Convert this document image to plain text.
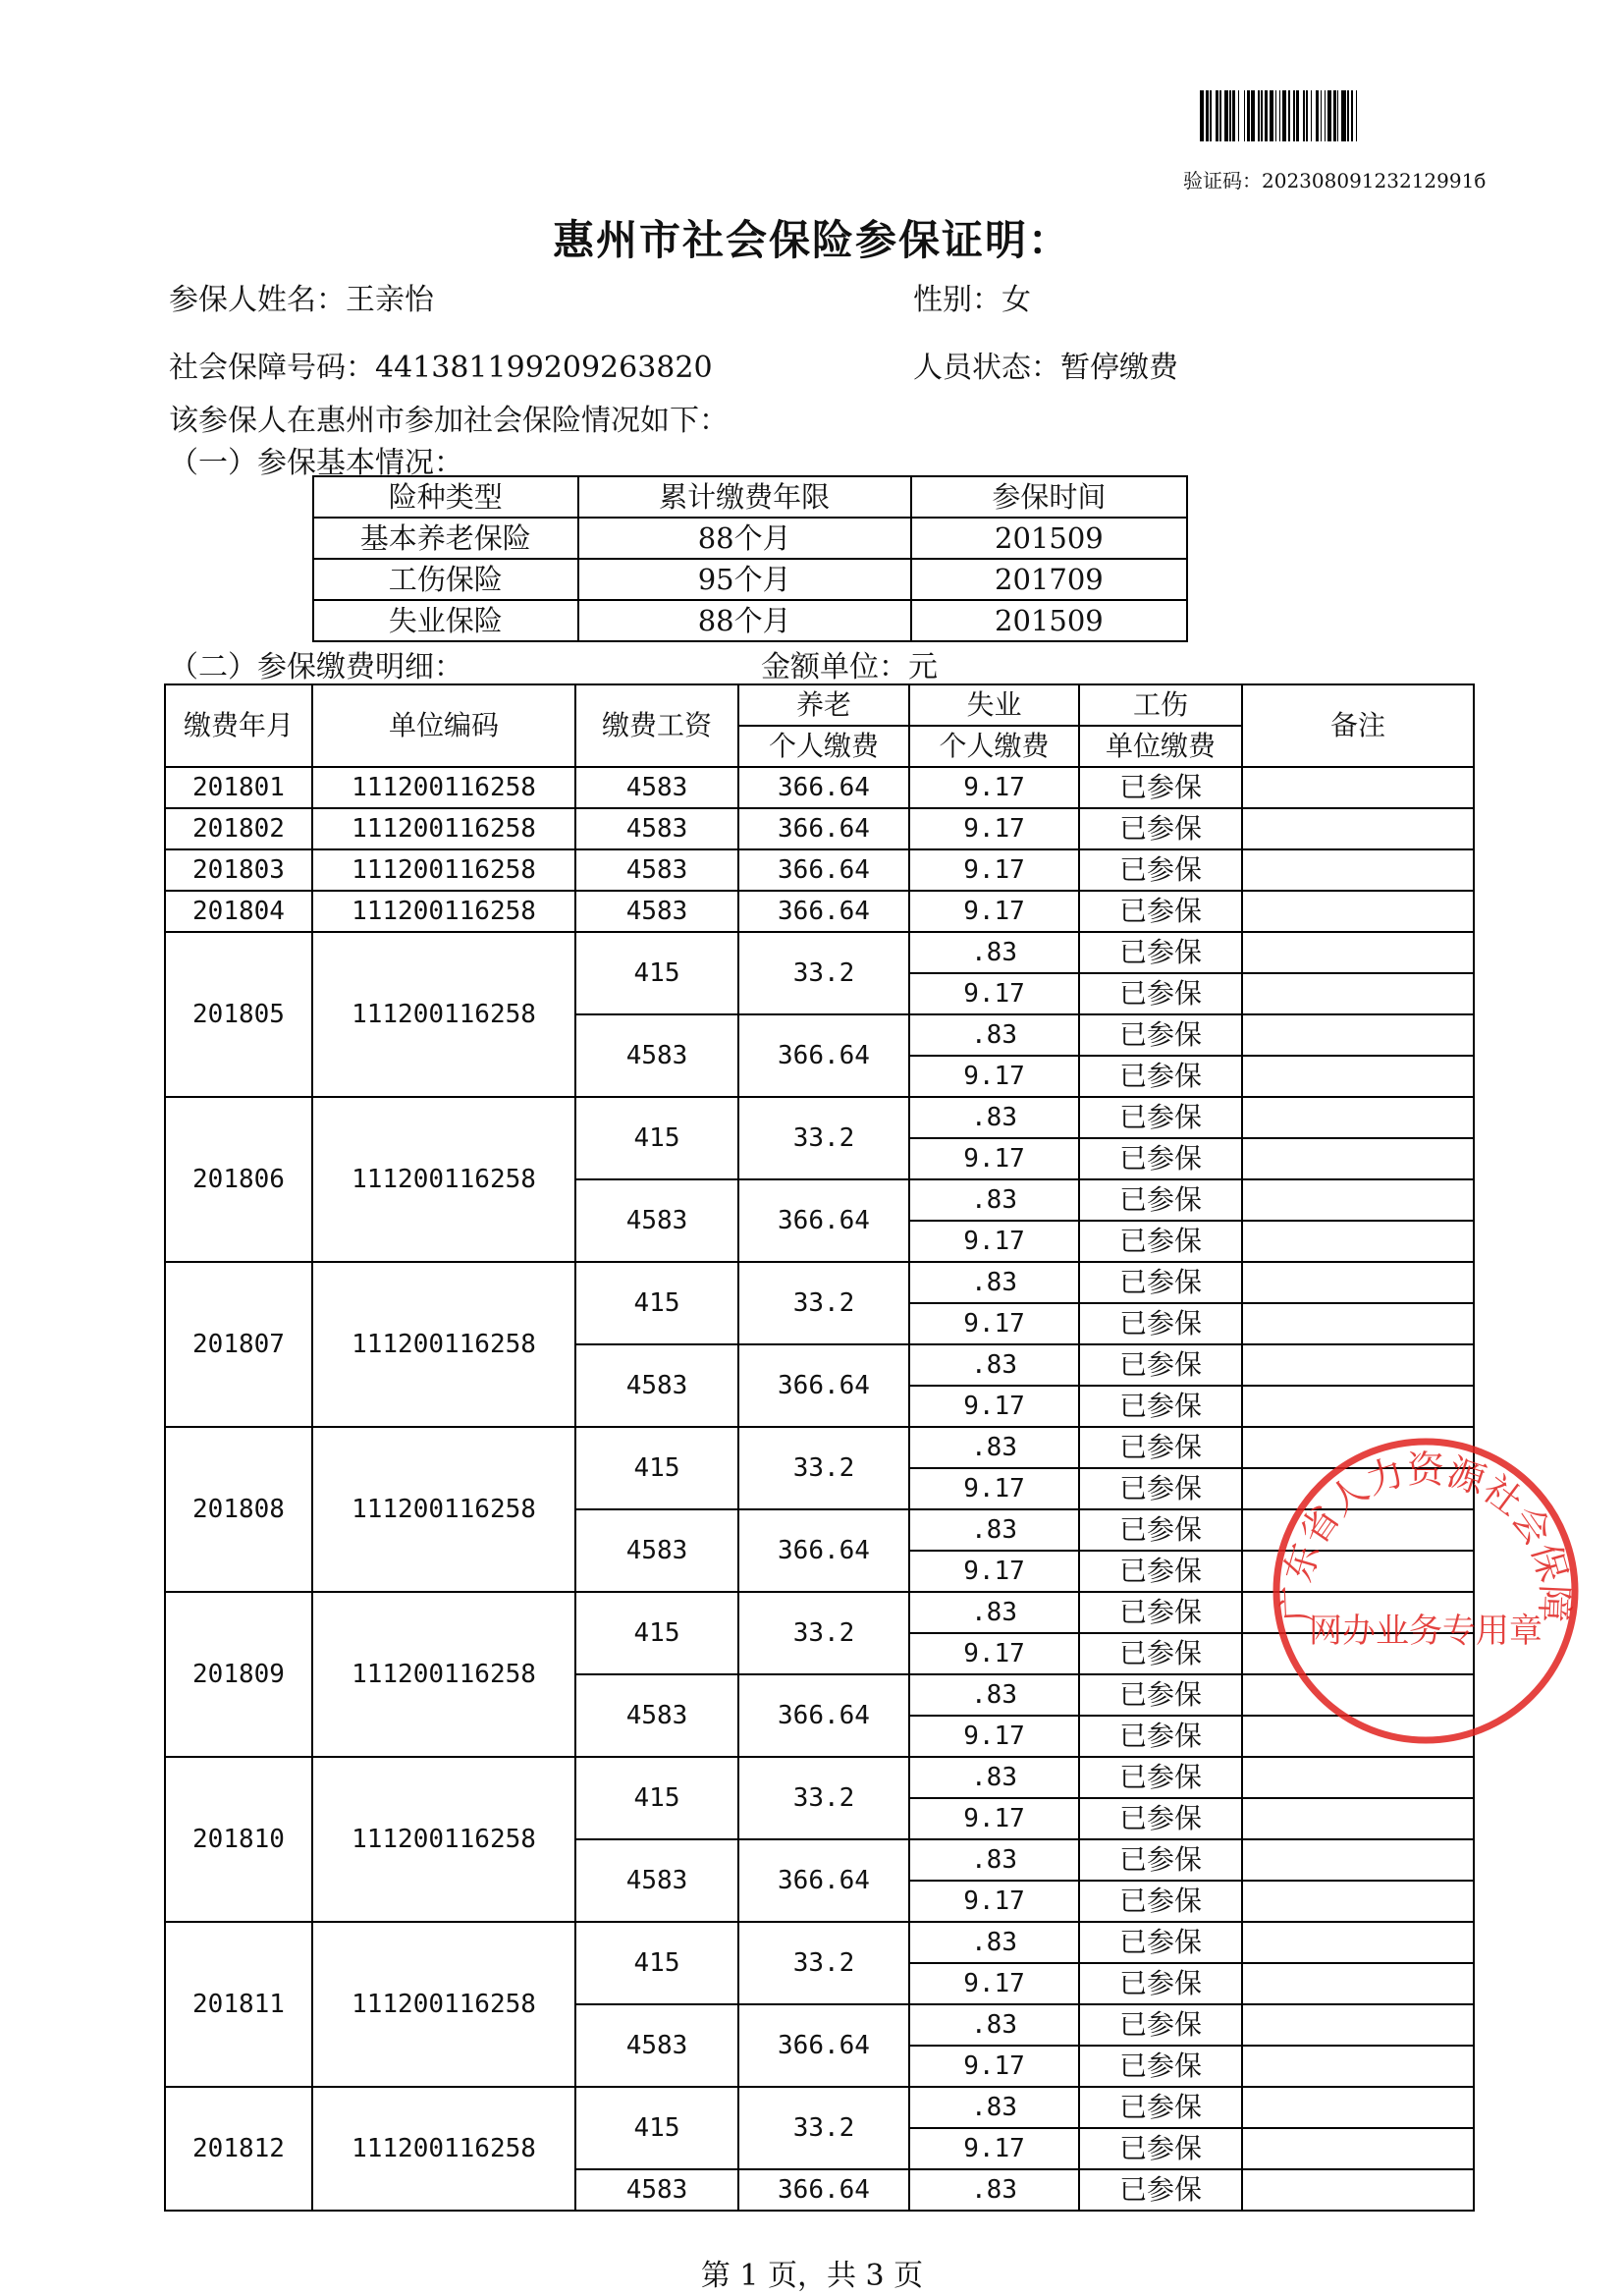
验证码：20230809123212991б
惠州市社会保险参保证明：
参保人姓名：王亲怡	性别：女
社会保障号码：441381199209263820	人员状态：暂停缴费
该参保人在惠州市参加社会保险情况如下：
（一）参保基本情况：
险种类型	累计缴费年限	参保时间
基本养老保险	88个月	201509
工伤保险	95个月	201709
失业保险	88个月	201509
（二）参保缴费明细：	金额单位：元
缴费年月	单位编码	缴费工资	养老	失业	工伤	备注
			个人缴费	个人缴费	单位缴费	
201801	111200116258	4583	366.64	9.17	已参保	
201802	111200116258	4583	366.64	9.17	已参保	
201803	111200116258	4583	366.64	9.17	已参保	
201804	111200116258	4583	366.64	9.17	已参保	
201805	111200116258	415	33.2	.83	已参保	
				9.17	已参保	
		4583	366.64	.83	已参保	
				9.17	已参保	
201806	111200116258	415	33.2	.83	已参保	
				9.17	已参保	
		4583	366.64	.83	已参保	
				9.17	已参保	
201807	111200116258	415	33.2	.83	已参保	
				9.17	已参保	
		4583	366.64	.83	已参保	
				9.17	已参保	
201808	111200116258	415	33.2	.83	已参保	
				9.17	已参保	
		4583	366.64	.83	已参保	
				9.17	已参保	
201809	111200116258	415	33.2	.83	已参保	
				9.17	已参保	
		4583	366.64	.83	已参保	
				9.17	已参保	
201810	111200116258	415	33.2	.83	已参保	
				9.17	已参保	
		4583	366.64	.83	已参保	
				9.17	已参保	
201811	111200116258	415	33.2	.83	已参保	
				9.17	已参保	
		4583	366.64	.83	已参保	
				9.17	已参保	
201812	111200116258	415	33.2	.83	已参保	
				9.17	已参保	
		4583	366.64	.83	已参保	
广东省人力资源社会保障
网办业务专用章
第 1 页，共 3 页
